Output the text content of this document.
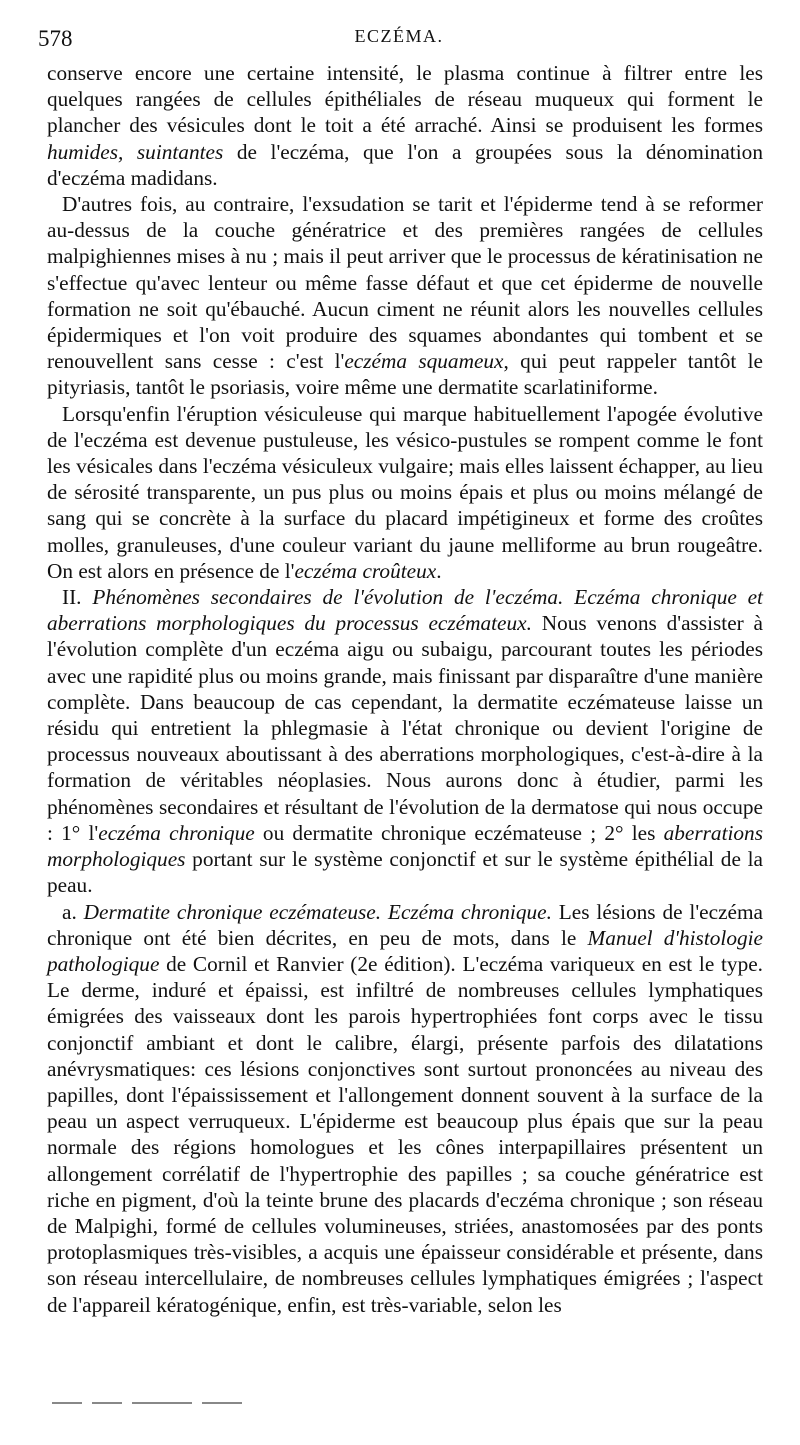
578	ECZÉMA.

conserve encore une certaine intensité, le plasma continue à filtrer entre les quelques rangées de cellules épithéliales de réseau muqueux qui forment le plancher des vésicules dont le toit a été arraché. Ainsi se produisent les formes humides, suintantes de l'eczéma, que l'on a groupées sous la dénomination d'eczéma madidans.

D'autres fois, au contraire, l'exsudation se tarit et l'épiderme tend à se reformer au-dessus de la couche génératrice et des premières rangées de cellules malpighiennes mises à nu ; mais il peut arriver que le processus de kératinisation ne s'effectue qu'avec lenteur ou même fasse défaut et que cet épiderme de nouvelle formation ne soit qu'ébauché. Aucun ciment ne réunit alors les nouvelles cellules épidermiques et l'on voit produire des squames abondantes qui tombent et se renouvellent sans cesse : c'est l'eczéma squameux, qui peut rappeler tantôt le pityriasis, tantôt le psoriasis, voire même une dermatite scarlatiniforme.

Lorsqu'enfin l'éruption vésiculeuse qui marque habituellement l'apogée évolutive de l'eczéma est devenue pustuleuse, les vésico-pustules se rompent comme le font les vésicales dans l'eczéma vésiculeux vulgaire; mais elles laissent échapper, au lieu de sérosité transparente, un pus plus ou moins épais et plus ou moins mélangé de sang qui se concrète à la surface du placard impétigineux et forme des croûtes molles, granuleuses, d'une couleur variant du jaune melliforme au brun rougeâtre. On est alors en présence de l'eczéma croûteux.

II. Phénomènes secondaires de l'évolution de l'eczéma. Eczéma chronique et aberrations morphologiques du processus eczémateux. Nous venons d'assister à l'évolution complète d'un eczéma aigu ou subaigu, parcourant toutes les périodes avec une rapidité plus ou moins grande, mais finissant par disparaître d'une manière complète. Dans beaucoup de cas cependant, la dermatite eczémateuse laisse un résidu qui entretient la phlegmasie à l'état chronique ou devient l'origine de processus nouveaux aboutissant à des aberrations morphologiques, c'est-à-dire à la formation de véritables néoplasies. Nous aurons donc à étudier, parmi les phénomènes secondaires et résultant de l'évolution de la dermatose qui nous occupe : 1° l'eczéma chronique ou dermatite chronique eczémateuse ; 2° les aberrations morphologiques portant sur le système conjonctif et sur le système épithélial de la peau.

a. Dermatite chronique eczémateuse. Eczéma chronique. Les lésions de l'eczéma chronique ont été bien décrites, en peu de mots, dans le Manuel d'histologie pathologique de Cornil et Ranvier (2e édition). L'eczéma variqueux en est le type. Le derme, induré et épaissi, est infiltré de nombreuses cellules lymphatiques émigrées des vaisseaux dont les parois hypertrophiées font corps avec le tissu conjonctif ambiant et dont le calibre, élargi, présente parfois des dilatations anévrysmatiques: ces lésions conjonctives sont surtout prononcées au niveau des papilles, dont l'épaississement et l'allongement donnent souvent à la surface de la peau un aspect verruqueux. L'épiderme est beaucoup plus épais que sur la peau normale des régions homologues et les cônes interpapillaires présentent un allongement corrélatif de l'hypertrophie des papilles ; sa couche génératrice est riche en pigment, d'où la teinte brune des placards d'eczéma chronique ; son réseau de Malpighi, formé de cellules volumineuses, striées, anastomosées par des ponts protoplasmiques très-visibles, a acquis une épaisseur considérable et présente, dans son réseau intercellulaire, de nombreuses cellules lymphatiques émigrées ; l'aspect de l'appareil kératogénique, enfin, est très-variable, selon les
